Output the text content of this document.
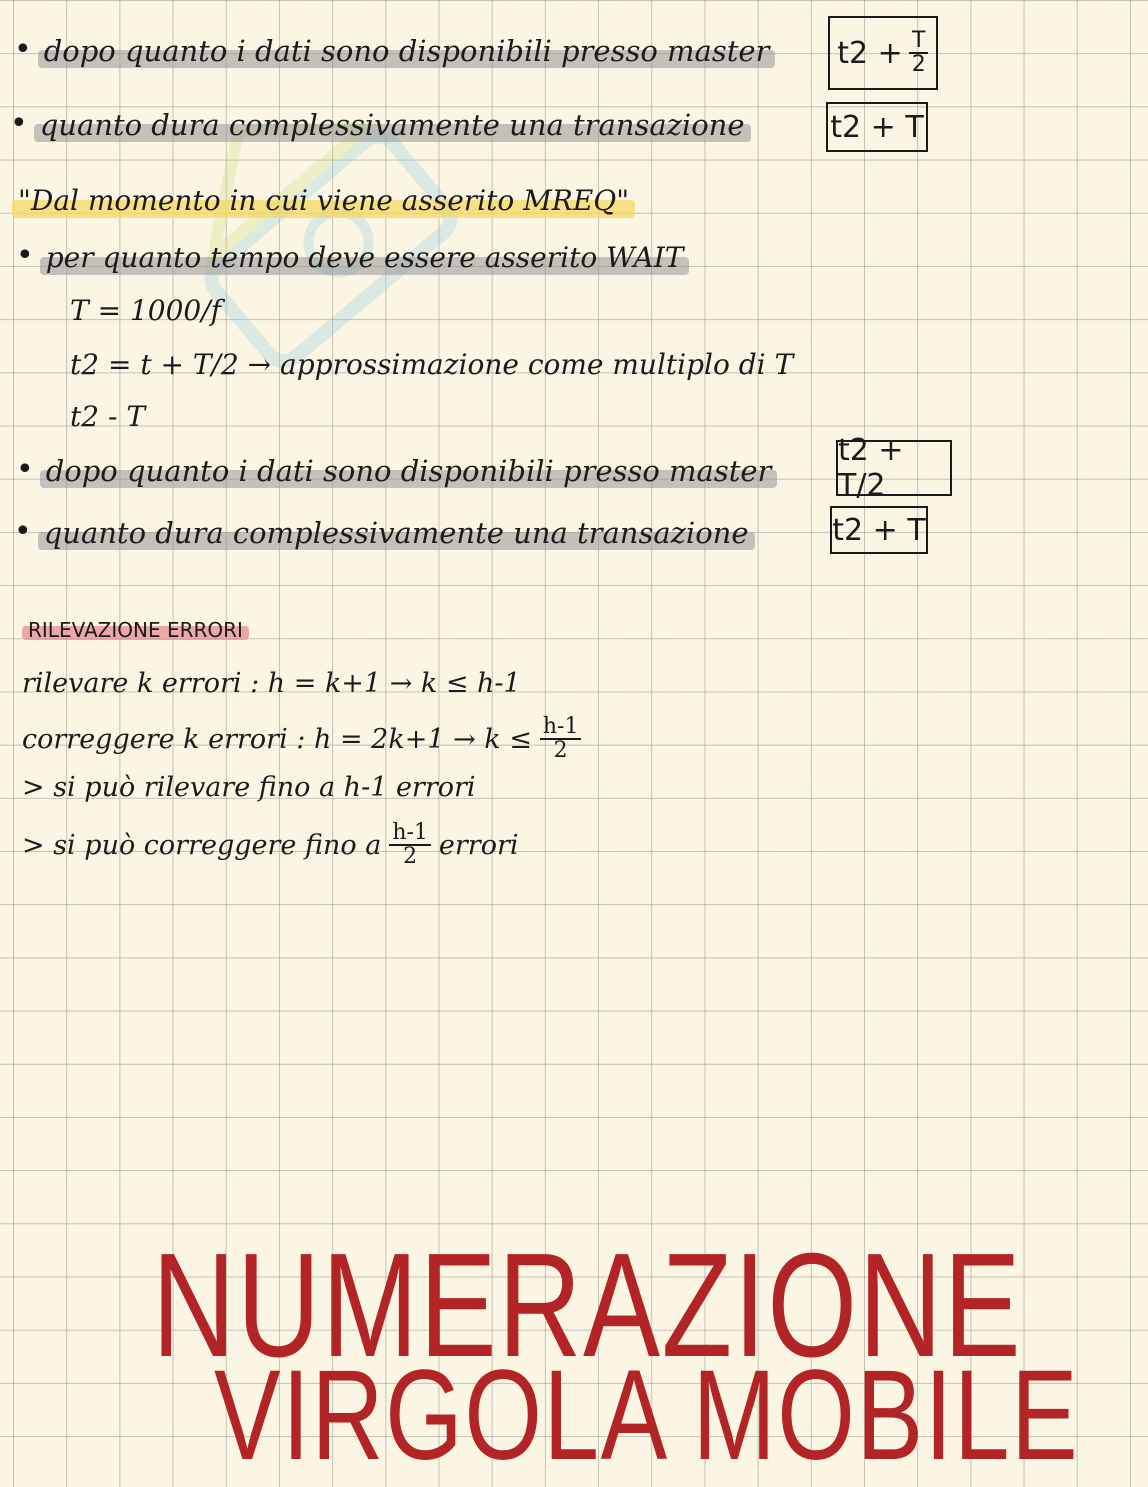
• dopo quanto i dati sono disponibili presso master $t2 + \frac{T}{2}$
• quanto dura complessivamente una transazione	t2 + T
"Dal momento in cui viene asserito MREQ"
• per quanto tempo deve essere asserito WAIT
T = 1000/f
t2 = t + T/2 → approssimazione come multiplo di T
t2 - T
• dopo quanto i dati sono disponibili presso master
t2 + T/2
• quanto dura complessivamente una transazione	t2 + T
RILEVAZIONE ERRORI
rilevare k errori : h = k+1 → k ≤ h-1
correggere k errori : $h = 2k+1 \to k \le \frac{h-1}{2}$
> si può rilevare fino a h-1 errori
> si può correggere fino a $\frac{h-1}{2}$ errori
NUMERAZIONE
VIRGOLA MOBILE
